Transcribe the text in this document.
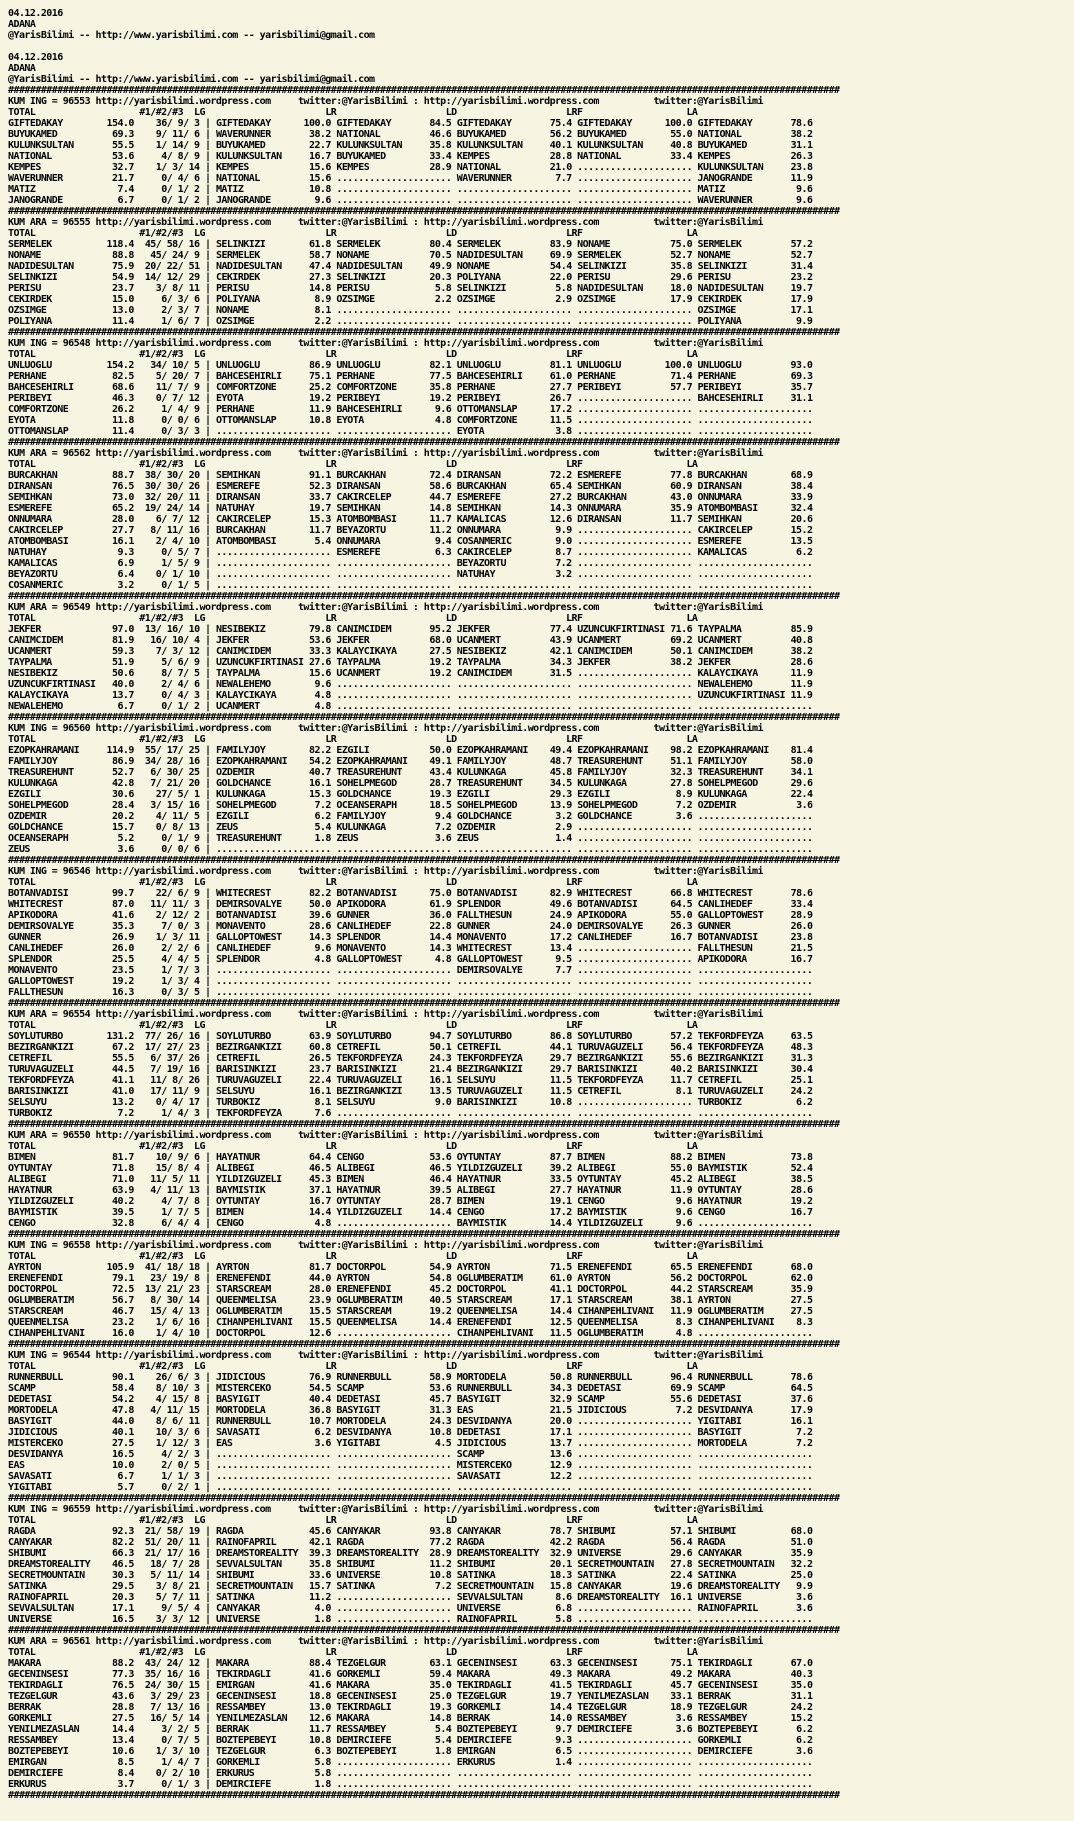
04.12.2016
ADANA
@YarisBilimi -- http://www.yarisbilimi.com -- yarisbilimi@gmail.com

04.12.2016
ADANA
@YarisBilimi -- http://www.yarisbilimi.com -- yarisbilimi@gmail.com
########################################################################################################################################################
KUM ING = 96553 http://yarisbilimi.wordpress.com     twitter:@YarisBilimi : http://yarisbilimi.wordpress.com          twitter:@YarisBilimi
TOTAL                   #1/#2/#3  LG	LR	LD	LRF	LA
GIFTEDAKAY	154.0 36/ 9/ 3 | GIFTEDAKAY	100.0 GIFTEDAKAY	84.5 GIFTEDAKAY	75.4 GIFTEDAKAY	100.0 GIFTEDAKAY	78.6
BUYUKAMED	69.3 9/ 11/ 6 | WAVERUNNER	38.2 NATIONAL	46.6 BUYUKAMED	56.2 BUYUKAMED	55.0 NATIONAL	38.2
KULUNKSULTAN	55.5 1/ 14/ 9 | BUYUKAMED	22.7 KULUNKSULTAN	35.8 KULUNKSULTAN	40.1 KULUNKSULTAN	40.8 BUYUKAMED	31.1
NATIONAL	53.6	4/ 8/ 9 | KULUNKSULTAN	16.7 BUYUKAMED	33.4 KEMPES	28.8 NATIONAL	33.4 KEMPES	26.3
KEMPES	32.7 1/ 3/ 14 | KEMPES	15.6 KEMPES	28.9 NATIONAL	21.0 ..................... KULUNKSULTAN	23.8
WAVERUNNER	21.7	0/ 4/ 6 | NATIONAL	15.6 ..................... WAVERUNNER	7.7 ..................... JANOGRANDE	11.9
MATIZ	7.4	0/ 1/ 2 | MATIZ	10.8 ..................... ..................... ..................... MATIZ	9.6
JANOGRANDE	6.7	0/ 1/ 2 | JANOGRANDE	9.6 ..................... ..................... ..................... WAVERUNNER	9.6
########################################################################################################################################################
KUM ARA = 96555 http://yarisbilimi.wordpress.com     twitter:@YarisBilimi : http://yarisbilimi.wordpress.com          twitter:@YarisBilimi
TOTAL                   #1/#2/#3  LG	LR	LD	LRF	LA
SERMELEK	118.4 45/ 58/ 16 | SELINKIZI	61.8 SERMELEK	80.4 SERMELEK	83.9 NONAME	75.0 SERMELEK	57.2
NONAME	88.8 45/ 24/ 9 | SERMELEK	58.7 NONAME	70.5 NADIDESULTAN	69.9 SERMELEK	52.7 NONAME	52.7
NADIDESULTAN	75.9 20/ 22/ 51 | NADIDESULTAN	47.4 NADIDESULTAN	49.9 NONAME	54.4 SELINKIZI	35.8 SELINKIZI	31.4
SELINKIZI	54.9 14/ 12/ 29 | CEKIRDEK	27.3 SELINKIZI	20.3 POLIYANA	22.0 PERISU	29.6 PERISU	23.2
PERISU	23.7 3/ 8/ 11 | PERISU	14.8 PERISU	5.8 SELINKIZI	5.8 NADIDESULTAN	18.0 NADIDESULTAN	19.7
CEKIRDEK	15.0	6/ 3/ 6 | POLIYANA	8.9 OZSIMGE	2.2 OZSIMGE	2.9 OZSIMGE	17.9 CEKIRDEK	17.9
OZSIMGE	13.0	2/ 3/ 7 | NONAME	8.1 ..................... ..................... ..................... OZSIMGE	17.1
POLIYANA	11.4	1/ 6/ 7 | OZSIMGE	2.2 ..................... ..................... ..................... POLIYANA	9.9
########################################################################################################################################################
KUM ING = 96548 http://yarisbilimi.wordpress.com     twitter:@YarisBilimi : http://yarisbilimi.wordpress.com          twitter:@YarisBilimi
TOTAL                   #1/#2/#3  LG	LR	LD	LRF	LA
UNLUOGLU	154.2 34/ 10/ 5 | UNLUOGLU	86.9 UNLUOGLU	82.1 UNLUOGLU	81.1 UNLUOGLU	100.0 UNLUOGLU	93.0
PERHANE	82.5 5/ 20/ 7 | BAHCESEHIRLI	75.1 PERHANE	77.5 BAHCESEHIRLI	61.0 PERHANE	71.4 PERHANE	69.3
BAHCESEHIRLI	68.6 11/ 7/ 9 | COMFORTZONE	25.2 COMFORTZONE	35.8 PERHANE	27.7 PERIBEYI	57.7 PERIBEYI	35.7
PERIBEYI	46.3 0/ 7/ 12 | EYOTA	19.2 PERIBEYI	19.2 PERIBEYI	26.7 ..................... BAHCESEHIRLI	31.1
COMFORTZONE	26.2	1/ 4/ 9 | PERHANE	11.9 BAHCESEHIRLI	9.6 OTTOMANSLAP	17.2 ..................... .....................
EYOTA	11.8	0/ 0/ 6 | OTTOMANSLAP	10.8 EYOTA	4.8 COMFORTZONE	11.5 ..................... .....................
OTTOMANSLAP	11.4	0/ 3/ 3 | ..................... ..................... EYOTA	3.8 ..................... .....................
########################################################################################################################################################
KUM ARA = 96562 http://yarisbilimi.wordpress.com     twitter:@YarisBilimi : http://yarisbilimi.wordpress.com          twitter:@YarisBilimi
TOTAL                   #1/#2/#3  LG	LR	LD	LRF	LA
BURCAKHAN	88.7 38/ 30/ 20 | SEMIHKAN	91.1 BURCAKHAN	72.4 DIRANSAN	72.2 ESMEREFE	77.8 BURCAKHAN	68.9
DIRANSAN	76.5 30/ 30/ 26 | ESMEREFE	52.3 DIRANSAN	58.6 BURCAKHAN	65.4 SEMIHKAN	60.9 DIRANSAN	38.4
SEMIHKAN	73.0 32/ 20/ 11 | DIRANSAN	33.7 CAKIRCELEP	44.7 ESMEREFE	27.2 BURCAKHAN	43.0 ONNUMARA	33.9
ESMEREFE	65.2 19/ 24/ 14 | NATUHAY	19.7 SEMIHKAN	14.8 SEMIHKAN	14.3 ONNUMARA	35.9 ATOMBOMBASI	32.4
ONNUMARA	28.0 6/ 7/ 12 | CAKIRCELEP	15.3 ATOMBOMBASI	11.7 KAMALICAS	12.6 DIRANSAN	11.7 SEMIHKAN	20.6
CAKIRCELEP	27.7 8/ 11/ 16 | BURCAKHAN	11.7 BEYAZORTU	11.2 ONNUMARA	9.9 ..................... CAKIRCELEP	15.2
ATOMBOMBASI	16.1 2/ 4/ 10 | ATOMBOMBASI	5.4 ONNUMARA	9.4 COSANMERIC	9.0 ..................... ESMEREFE	13.5
NATUHAY	9.3	0/ 5/ 7 | ..................... ESMEREFE	6.3 CAKIRCELEP	8.7 ..................... KAMALICAS	6.2
KAMALICAS	6.9	1/ 5/ 9 | ..................... ..................... BEYAZORTU	7.2 ..................... .....................
BEYAZORTU	6.4 0/ 1/ 10 | ..................... ..................... NATUHAY	3.2 ..................... .....................
COSANMERIC	3.2	0/ 1/ 5 | ..................... ..................... ..................... ..................... .....................
########################################################################################################################################################
KUM ARA = 96549 http://yarisbilimi.wordpress.com     twitter:@YarisBilimi : http://yarisbilimi.wordpress.com          twitter:@YarisBilimi
TOTAL                   #1/#2/#3  LG	LR	LD	LRF	LA
JEKFER	97.0 13/ 16/ 10 | NESIBEKIZ	79.8 CANIMCIDEM	95.2 JEKFER	77.4 UZUNCUKFIRTINASI 71.6 TAYPALMA	85.9
CANIMCIDEM	81.9 16/ 10/ 4 | JEKFER	53.6 JEKFER	68.0 UCANMERT	43.9 UCANMERT	69.2 UCANMERT	40.8
UCANMERT	59.3 7/ 3/ 12 | CANIMCIDEM	33.3 KALAYCIKAYA	27.5 NESIBEKIZ	42.1 CANIMCIDEM	50.1 CANIMCIDEM	38.2
TAYPALMA	51.9	5/ 6/ 9 | UZUNCUKFIRTINASI 27.6 TAYPALMA	19.2 TAYPALMA	34.3 JEKFER	38.2 JEKFER	28.6
NESIBEKIZ	50.6	8/ 7/ 5 | TAYPALMA	15.6 UCANMERT	19.2 CANIMCIDEM	31.5 ..................... KALAYCIKAYA	11.9
UZUNCUKFIRTINASI 40.0	2/ 4/ 6 | NEWALEHEMO	9.6 ..................... ..................... ..................... NEWALEHEMO	11.9
KALAYCIKAYA	13.7	0/ 4/ 3 | KALAYCIKAYA	4.8 ..................... ..................... ..................... UZUNCUKFIRTINASI 11.9
NEWALEHEMO	6.7	0/ 1/ 2 | UCANMERT	4.8 ..................... ..................... ..................... .....................
########################################################################################################################################################
KUM ING = 96560 http://yarisbilimi.wordpress.com     twitter:@YarisBilimi : http://yarisbilimi.wordpress.com          twitter:@YarisBilimi
TOTAL                   #1/#2/#3  LG	LR	LD	LRF	LA
EZOPKAHRAMANI	114.9 55/ 17/ 25 | FAMILYJOY	82.2 EZGILI	50.0 EZOPKAHRAMANI 49.4 EZOPKAHRAMANI 98.2 EZOPKAHRAMANI 81.4
FAMILYJOY	86.9 34/ 28/ 16 | EZOPKAHRAMANI 54.2 EZOPKAHRAMANI 49.1 FAMILYJOY	48.7 TREASUREHUNT	51.1 FAMILYJOY	58.0
TREASUREHUNT	52.7 6/ 30/ 25 | OZDEMIR	40.7 TREASUREHUNT	43.4 KULUNKAGA	45.8 FAMILYJOY	32.3 TREASUREHUNT	34.1
KULUNKAGA	42.8 7/ 21/ 20 | GOLDCHANCE	16.1 SOHELPMEGOD	28.7 TREASUREHUNT	34.5 KULUNKAGA	27.8 SOHELPMEGOD	29.6
EZGILI	30.6 27/ 5/ 1 | KULUNKAGA	15.3 GOLDCHANCE	19.3 EZGILI	29.3 EZGILI	8.9 KULUNKAGA	22.4
SOHELPMEGOD	28.4 3/ 15/ 16 | SOHELPMEGOD	7.2 OCEANSERAPH	18.5 SOHELPMEGOD	13.9 SOHELPMEGOD	7.2 OZDEMIR	3.6
OZDEMIR	20.2 4/ 11/ 5 | EZGILI	6.2 FAMILYJOY	9.4 GOLDCHANCE	3.2 GOLDCHANCE	3.6 .....................
GOLDCHANCE	15.7 0/ 8/ 13 | ZEUS	5.4 KULUNKAGA	7.2 OZDEMIR	2.9 ..................... .....................
OCEANSERAPH	5.2	0/ 1/ 9 | TREASUREHUNT	1.8 ZEUS	3.6 ZEUS	1.4 ..................... .....................
ZEUS	3.6	0/ 0/ 6 | ..................... ..................... ..................... ..................... .....................
########################################################################################################################################################
KUM ING = 96546 http://yarisbilimi.wordpress.com     twitter:@YarisBilimi : http://yarisbilimi.wordpress.com          twitter:@YarisBilimi
TOTAL                   #1/#2/#3  LG	LR	LD	LRF	LA
BOTANVADISI	99.7 22/ 6/ 9 | WHITECREST	82.2 BOTANVADISI	75.0 BOTANVADISI	82.9 WHITECREST	66.8 WHITECREST	78.6
WHITECREST	87.0 11/ 11/ 3 | DEMIRSOVALYE	50.0 APIKODORA	61.9 SPLENDOR	49.6 BOTANVADISI	64.5 CANLIHEDEF	33.4
APIKODORA	41.6 2/ 12/ 2 | BOTANVADISI	39.6 GUNNER	36.0 FALLTHESUN	24.9 APIKODORA	55.0 GALLOPTOWEST	28.9
DEMIRSOVALYE	35.3	7/ 0/ 3 | MONAVENTO	28.6 CANLIHEDEF	22.8 GUNNER	24.0 DEMIRSOVALYE	26.3 GUNNER	26.0
GUNNER	26.9 1/ 3/ 11 | GALLOPTOWEST	14.3 SPLENDOR	14.4 MONAVENTO	17.2 CANLIHEDEF	16.7 BOTANVADISI	23.8
CANLIHEDEF	26.0	2/ 2/ 6 | CANLIHEDEF	9.6 MONAVENTO	14.3 WHITECREST	13.4 ..................... FALLTHESUN	21.5
SPLENDOR	25.5	4/ 4/ 5 | SPLENDOR	4.8 GALLOPTOWEST	4.8 GALLOPTOWEST	9.5 ..................... APIKODORA	16.7
MONAVENTO	23.5	1/ 7/ 3 | ..................... ..................... DEMIRSOVALYE	7.7 ..................... .....................
GALLOPTOWEST	19.2	1/ 3/ 4 | ..................... ..................... ..................... ..................... .....................
FALLTHESUN	16.3	0/ 3/ 5 | ..................... ..................... ..................... ..................... .....................
########################################################################################################################################################
KUM ARA = 96554 http://yarisbilimi.wordpress.com     twitter:@YarisBilimi : http://yarisbilimi.wordpress.com          twitter:@YarisBilimi
TOTAL                   #1/#2/#3  LG	LR	LD	LRF	LA
SOYLUTURBO	131.2 77/ 26/ 16 | SOYLUTURBO	63.9 SOYLUTURBO	94.7 SOYLUTURBO	86.8 SOYLUTURBO	57.2 TEKFORDFEYZA	63.5
BEZIRGANKIZI	67.2 17/ 27/ 23 | BEZIRGANKIZI	60.8 CETREFIL	50.1 CETREFIL	44.1 TURUVAGUZELI	56.4 TEKFORDFEYZA	48.3
CETREFIL	55.5 6/ 37/ 26 | CETREFIL	26.5 TEKFORDFEYZA	24.3 TEKFORDFEYZA	29.7 BEZIRGANKIZI	55.6 BEZIRGANKIZI	31.3
TURUVAGUZELI	44.5 7/ 19/ 16 | BARISINKIZI	23.7 BARISINKIZI	21.4 BEZIRGANKIZI	29.7 BARISINKIZI	40.2 BARISINKIZI	30.4
TEKFORDFEYZA	41.1 11/ 8/ 26 | TURUVAGUZELI	22.4 TURUVAGUZELI	16.1 SELSUYU	11.5 TEKFORDFEYZA	11.7 CETREFIL	25.1
BARISINKIZI	41.0 17/ 11/ 9 | SELSUYU	16.1 BEZIRGANKIZI	13.5 TURUVAGUZELI	11.5 CETREFIL	8.1 TURUVAGUZELI	24.2
SELSUYU	13.2 0/ 4/ 17 | TURBOKIZ	8.1 SELSUYU	9.0 BARISINKIZI	10.8 ..................... TURBOKIZ	6.2
TURBOKIZ	7.2	1/ 4/ 3 | TEKFORDFEYZA	7.6 ..................... ..................... ..................... .....................
########################################################################################################################################################
KUM ARA = 96550 http://yarisbilimi.wordpress.com     twitter:@YarisBilimi : http://yarisbilimi.wordpress.com          twitter:@YarisBilimi
TOTAL                   #1/#2/#3  LG	LR	LD	LRF	LA
BIMEN	81.7 10/ 9/ 6 | HAYATNUR	64.4 CENGO	53.6 OYTUNTAY	87.7 BIMEN	88.2 BIMEN	73.8
OYTUNTAY	71.8 15/ 8/ 4 | ALIBEGI	46.5 ALIBEGI	46.5 YILDIZGUZELI	39.2 ALIBEGI	55.0 BAYMISTIK	52.4
ALIBEGI	71.0 11/ 5/ 11 | YILDIZGUZELI	45.3 BIMEN	46.4 HAYATNUR	33.5 OYTUNTAY	45.2 ALIBEGI	38.5
HAYATNUR	63.9 4/ 11/ 13 | BAYMISTIK	37.1 HAYATNUR	39.5 ALIBEGI	27.7 HAYATNUR	11.9 OYTUNTAY	28.6
YILDIZGUZELI	40.2	4/ 7/ 8 | OYTUNTAY	16.7 OYTUNTAY	28.7 BIMEN	19.1 CENGO	9.6 HAYATNUR	19.2
BAYMISTIK	39.5	1/ 7/ 5 | BIMEN	14.4 YILDIZGUZELI	14.4 CENGO	17.2 BAYMISTIK	9.6 CENGO	16.7
CENGO	32.8	6/ 4/ 4 | CENGO	4.8 ..................... BAYMISTIK	14.4 YILDIZGUZELI	9.6 .....................
########################################################################################################################################################
KUM ING = 96558 http://yarisbilimi.wordpress.com     twitter:@YarisBilimi : http://yarisbilimi.wordpress.com          twitter:@YarisBilimi
TOTAL                   #1/#2/#3  LG	LR	LD	LRF	LA
AYRTON	105.9 41/ 18/ 18 | AYRTON	81.7 DOCTORPOL	54.9 AYRTON	71.5 ERENEFENDI	65.5 ERENEFENDI	68.0
ERENEFENDI	79.1 23/ 19/ 8 | ERENEFENDI	44.0 AYRTON	54.8 OGLUMBERATIM	61.0 AYRTON	56.2 DOCTORPOL	62.0
DOCTORPOL	72.5 13/ 21/ 23 | STARSCREAM	28.0 ERENEFENDI	45.2 DOCTORPOL	41.1 DOCTORPOL	44.2 STARSCREAM	35.9
OGLUMBERATIM	56.7 8/ 30/ 14 | QUEENMELISA	23.9 OGLUMBERATIM	40.5 STARSCREAM	17.1 STARSCREAM	38.1 AYRTON	27.5
STARSCREAM	46.7 15/ 4/ 13 | OGLUMBERATIM	15.5 STARSCREAM	19.2 QUEENMELISA	14.4 CIHANPEHLIVANI 11.9 OGLUMBERATIM	27.5
QUEENMELISA	23.2 1/ 6/ 16 | CIHANPEHLIVANI 15.5 QUEENMELISA	14.4 ERENEFENDI	12.5 QUEENMELISA	8.3 CIHANPEHLIVANI 8.3
CIHANPEHLIVANI	16.0 1/ 4/ 10 | DOCTORPOL	12.6 ..................... CIHANPEHLIVANI 11.5 OGLUMBERATIM	4.8 .....................
########################################################################################################################################################
KUM ING = 96544 http://yarisbilimi.wordpress.com     twitter:@YarisBilimi : http://yarisbilimi.wordpress.com          twitter:@YarisBilimi
TOTAL                   #1/#2/#3  LG	LR	LD	LRF	LA
RUNNERBULL	90.1 26/ 6/ 3 | JIDICIOUS	76.9 RUNNERBULL	58.9 MORTODELA	50.8 RUNNERBULL	96.4 RUNNERBULL	78.6
SCAMP	58.4 8/ 10/ 3 | MISTERCEKO	54.5 SCAMP	53.6 RUNNERBULL	34.3 DEDETASI	69.9 SCAMP	64.5
DEDETASI	54.2 4/ 15/ 8 | BASYIGIT	40.4 DEDETASI	45.7 BASYIGIT	32.9 SCAMP	55.6 DEDETASI	37.6
MORTODELA	47.8 4/ 11/ 15 | MORTODELA	36.8 BASYIGIT	31.3 EAS	21.5 JIDICIOUS	7.2 DESVIDANYA	17.9
BASYIGIT	44.0 8/ 6/ 11 | RUNNERBULL	10.7 MORTODELA	24.3 DESVIDANYA	20.0 ..................... YIGITABI	16.1
JIDICIOUS	40.1 10/ 3/ 6 | SAVASATI	6.2 DESVIDANYA	10.8 DEDETASI	17.1 ..................... BASYIGIT	7.2
MISTERCEKO	27.5 1/ 12/ 3 | EAS	3.6 YIGITABI	4.5 JIDICIOUS	13.7 ..................... MORTODELA	7.2
DESVIDANYA	16.5	4/ 2/ 3 | ..................... ..................... SCAMP	13.6 ..................... .....................
EAS	10.0	2/ 0/ 5 | ..................... ..................... MISTERCEKO	12.9 ..................... .....................
SAVASATI	6.7	1/ 1/ 3 | ..................... ..................... SAVASATI	12.2 ..................... .....................
YIGITABI	5.7	0/ 2/ 1 | ..................... ..................... ..................... ..................... .....................
########################################################################################################################################################
KUM ING = 96559 http://yarisbilimi.wordpress.com     twitter:@YarisBilimi : http://yarisbilimi.wordpress.com          twitter:@YarisBilimi
TOTAL                   #1/#2/#3  LG	LR	LD	LRF	LA
RAGDA	92.3 21/ 58/ 19 | RAGDA	45.6 CANYAKAR	93.8 CANYAKAR	78.7 SHIBUMI	57.1 SHIBUMI	68.0
CANYAKAR	82.2 51/ 20/ 11 | RAINOFAPRIL	42.1 RAGDA	77.2 RAGDA	42.2 RAGDA	56.4 RAGDA	51.0
SHIBUMI	66.3 21/ 17/ 16 | DREAMSTOREALITY 39.3 DREAMSTOREALITY 28.9 DREAMSTOREALITY 32.9 UNIVERSE	29.6 CANYAKAR	35.9
DREAMSTOREALITY 46.5 18/ 7/ 28 | SEVVALSULTAN	35.8 SHIBUMI	11.2 SHIBUMI	20.1 SECRETMOUNTAIN 27.8 SECRETMOUNTAIN 32.2
SECRETMOUNTAIN	30.3 5/ 11/ 14 | SHIBUMI	33.6 UNIVERSE	10.8 SATINKA	18.3 SATINKA	22.4 SATINKA	25.0
SATINKA	29.5 3/ 8/ 21 | SECRETMOUNTAIN 15.7 SATINKA	7.2 SECRETMOUNTAIN 15.8 CANYAKAR	19.6 DREAMSTOREALITY 9.9
RAINOFAPRIL	20.3 5/ 7/ 11 | SATINKA	11.2 ..................... SEVVALSULTAN	8.6 DREAMSTOREALITY 16.1 UNIVERSE	3.6
SEVVALSULTAN	17.1	9/ 5/ 4 | CANYAKAR	4.0 ..................... UNIVERSE	6.8 ..................... RAINOFAPRIL	3.6
UNIVERSE	16.5 3/ 3/ 12 | UNIVERSE	1.8 ..................... RAINOFAPRIL	5.8 ..................... .....................
########################################################################################################################################################
KUM ARA = 96561 http://yarisbilimi.wordpress.com     twitter:@YarisBilimi : http://yarisbilimi.wordpress.com          twitter:@YarisBilimi
TOTAL                   #1/#2/#3  LG	LR	LD	LRF	LA
MAKARA	88.2 43/ 24/ 12 | MAKARA	88.4 TEZGELGUR	63.1 GECENINSESI	63.3 GECENINSESI	75.1 TEKIRDAGLI	67.0
GECENINSESI	77.3 35/ 16/ 16 | TEKIRDAGLI	41.6 GORKEMLI	59.4 MAKARA	49.3 MAKARA	49.2 MAKARA	40.3
TEKIRDAGLI	76.5 24/ 30/ 15 | EMIRGAN	41.6 MAKARA	35.0 TEKIRDAGLI	41.5 TEKIRDAGLI	45.7 GECENINSESI	35.0
TEZGELGUR	43.6 3/ 29/ 23 | GECENINSESI	18.8 GECENINSESI	25.0 TEZGELGUR	19.7 YENILMEZASLAN 33.1 BERRAK	31.1
BERRAK	28.8 7/ 13/ 16 | RESSAMBEY	13.0 TEKIRDAGLI	19.3 GORKEMLI	14.4 TEZGELGUR	18.9 TEZGELGUR	24.2
GORKEMLI	27.5 16/ 5/ 14 | YENILMEZASLAN 12.6 MAKARA	14.8 BERRAK	14.0 RESSAMBEY	3.6 RESSAMBEY	15.2
YENILMEZASLAN	14.4	3/ 2/ 5 | BERRAK	11.7 RESSAMBEY	5.4 BOZTEPEBEYI	9.7 DEMIRCIEFE	3.6 BOZTEPEBEYI	6.2
RESSAMBEY	13.4	0/ 7/ 5 | BOZTEPEBEYI	10.8 DEMIRCIEFE	5.4 DEMIRCIEFE	9.3 ..................... GORKEMLI	6.2
BOZTEPEBEYI	10.6 1/ 3/ 10 | TEZGELGUR	6.3 BOZTEPEBEYI	1.8 EMIRGAN	6.5 ..................... DEMIRCIEFE	3.6
EMIRGAN	8.5	1/ 4/ 7 | GORKEMLI	5.8 ..................... ERKURUS	1.4 ..................... .....................
DEMIRCIEFE	8.4 0/ 2/ 10 | ERKURUS	5.8 ..................... ..................... ..................... .....................
ERKURUS	3.7	0/ 1/ 3 | DEMIRCIEFE	1.8 ..................... ..................... ..................... .....................
########################################################################################################################################################
